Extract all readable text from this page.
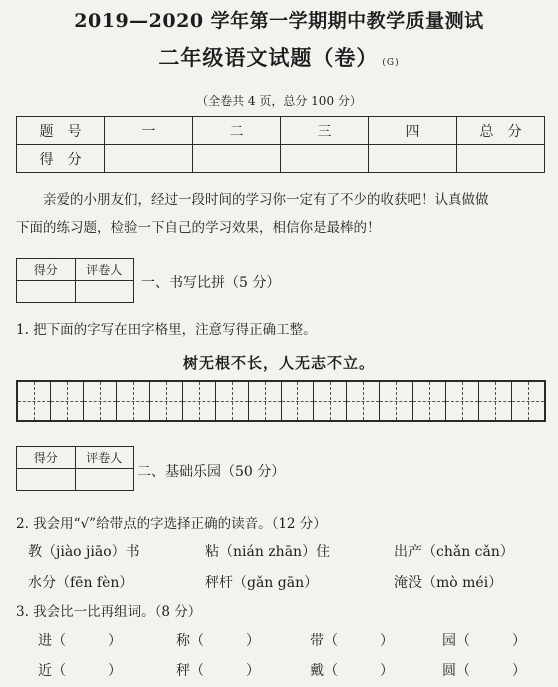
2019—2020 学年第一学期期中教学质量测试
二年级语文试题（卷） (G)
（全卷共 4 页，总分 100 分）
题　号	一	二	三	四	总　分
得　分					

亲爱的小朋友们，经过一段时间的学习你一定有了不少的收获吧！认真做做

下面的练习题，检验一下自己的学习效果，相信你是最棒的！

得分	评卷人

一、书写比拼（5 分）
1. 把下面的字写在田字格里，注意写得正确工整。
树无根不长，人无志不立。
得分	评卷人

二、基础乐园（50 分）
2. 我会用“√”给带点的字选择正确的读音。（12 分）
教（jiào jiāo）书	粘（nián zhān）住	出产（chǎn cǎn）
水分（fēn fèn）	秤杆（gǎn gān）	淹没（mò méi）
3. 我会比一比再组词。（8 分）
进（　　　）	称（　　　）	带（　　　）	园（　　　）
近（　　　）	秤（　　　）	戴（　　　）	圆（　　　）
